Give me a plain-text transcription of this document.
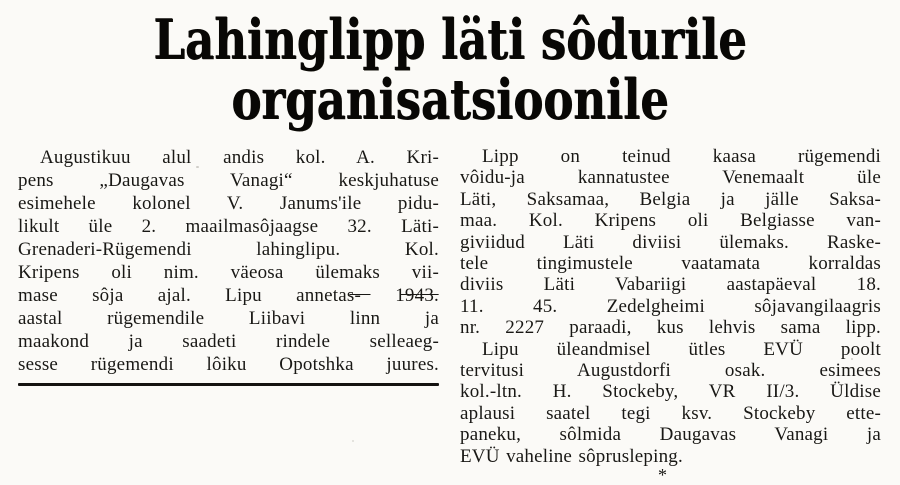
Lahinglipp läti sôdurile
organisatsioonile
Augustikuu alul andis kol. A. Kri-
pens „Daugavas Vanagi“ keskjuhatuse
esimehele kolonel V. Janums'ile pidu-
likult üle 2. maailmasôjaagse 32. Läti-
Grenaderi-Rügemendi lahinglipu. Kol.
Kripens oli nim. väeosa ülemaks vii-
mase sôja ajal. Lipu annetas̶-̶ ̶1̶9̶4̶3̶.
aastal rügemendile Liibavi linn ja
maakond ja saadeti rindele selleaeg-
sesse rügemendi lôiku Opotshka juures.
Lipp on teinud kaasa rügemendi
vôidu-ja kannatustee Venemaalt üle
Läti, Saksamaa, Belgia ja jälle Saksa-
maa. Kol. Kripens oli Belgiasse van-
giviidud Läti diviisi ülemaks. Raske-
tele tingimustele vaatamata korraldas
diviis Läti Vabariigi aastapäeval 18.
11. 45. Zedelgheimi sôjavangilaagris
nr. 2227 paraadi, kus lehvis sama lipp.
Lipu üleandmisel ütles EVÜ poolt
tervitusi Augustdorfi osak. esimees
kol.-ltn. H. Stockeby, VR II/3. Üldise
aplausi saatel tegi ksv. Stockeby ette-
paneku, sôlmida Daugavas Vanagi ja
EVÜ vaheline sôprusleping.
*
